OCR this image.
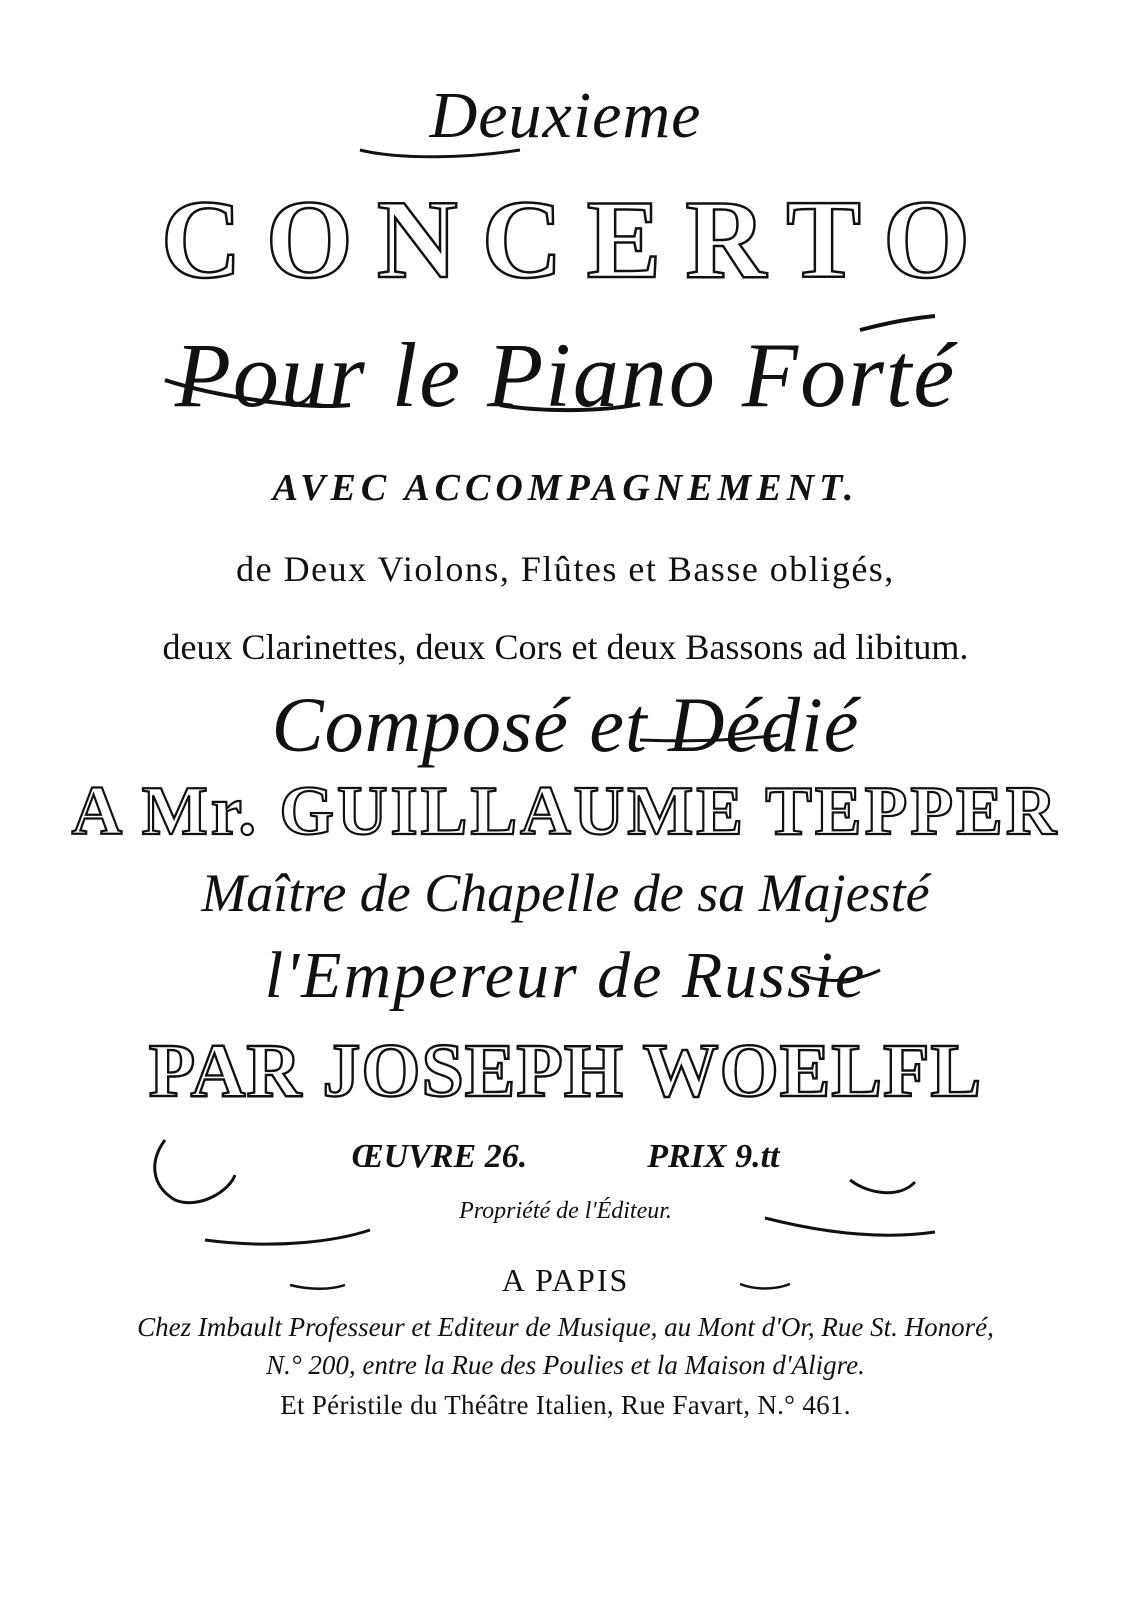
Deuxieme
CONCERTO
Pour le Piano Forté
AVEC ACCOMPAGNEMENT.
de Deux Violons, Flûtes et Basse obligés,
deux Clarinettes, deux Cors et deux Bassons ad libitum.
Composé et Dédié
A Mr. GUILLAUME TEPPER
Maître de Chapelle de sa Majesté
l'Empereur de Russie
PAR JOSEPH WOELFL
ŒUVRE 26.	PRIX 9.tt
Propriété de l'Éditeur.
A PAPIS
Chez Imbault Professeur et Editeur de Musique, au Mont d'Or, Rue St. Honoré,
N.° 200, entre la Rue des Poulies et la Maison d'Aligre.
Et Péristile du Théâtre Italien, Rue Favart, N.° 461.
